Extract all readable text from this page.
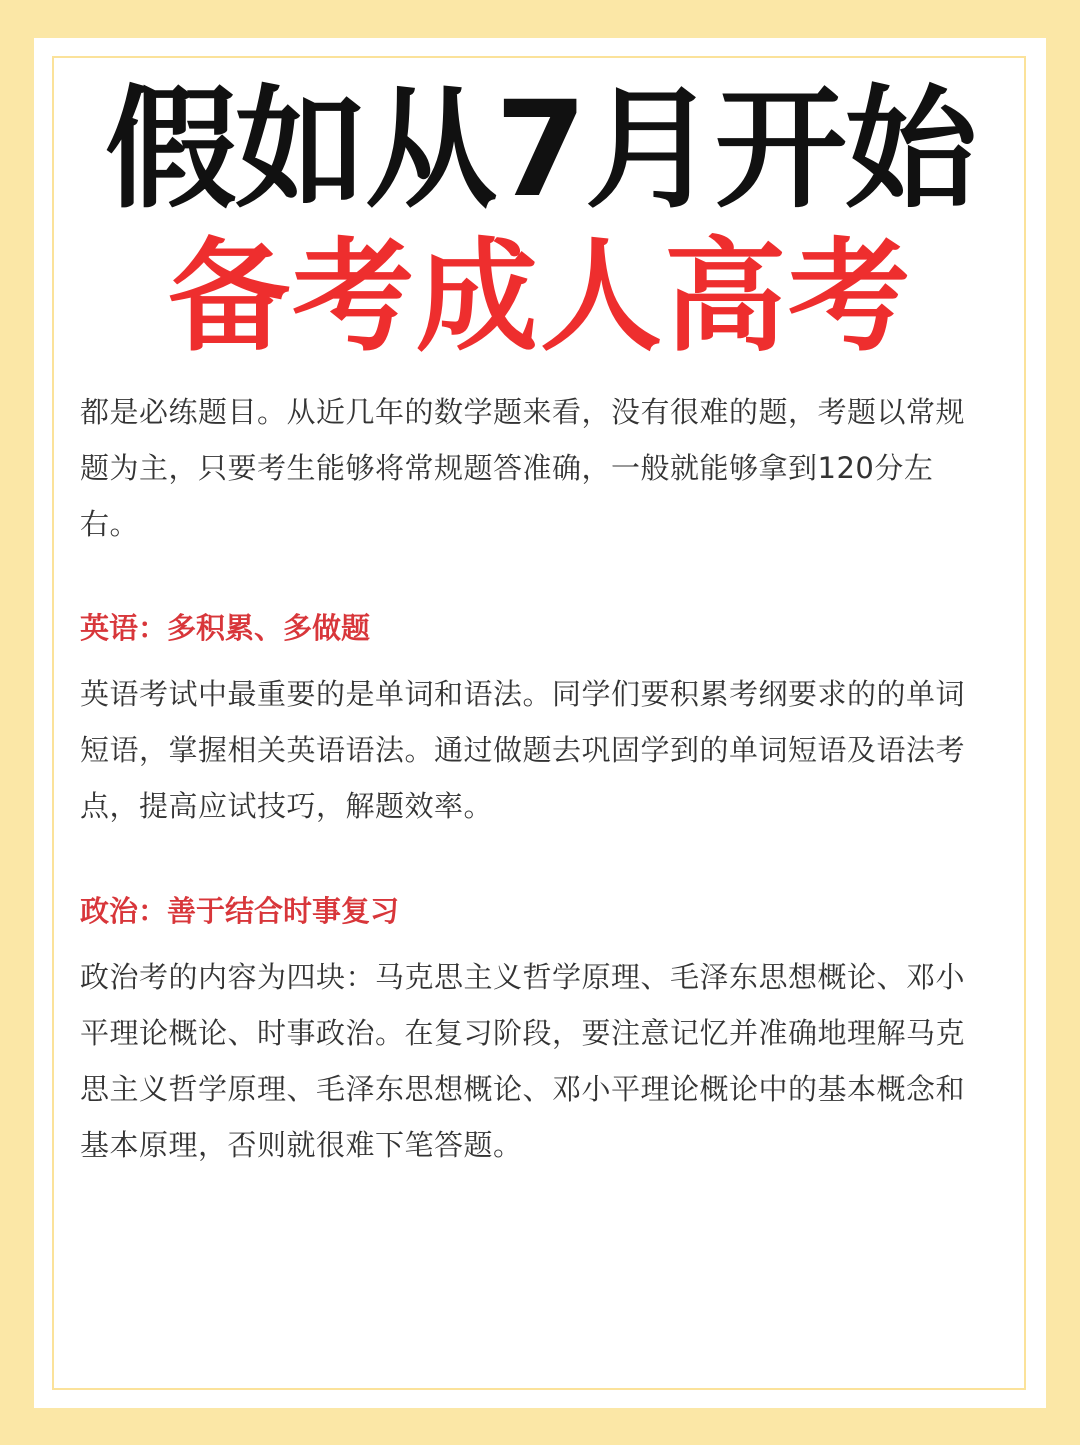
假如从7月开始
备考成人高考

都是必练题目。从近几年的数学题来看，没有很难的题，考题以常规题为主，只要考生能够将常规题答准确，一般就能够拿到120分左右。

英语：多积累、多做题

英语考试中最重要的是单词和语法。同学们要积累考纲要求的的单词短语，掌握相关英语语法。通过做题去巩固学到的单词短语及语法考点，提高应试技巧，解题效率。

政治：善于结合时事复习

政治考的内容为四块：马克思主义哲学原理、毛泽东思想概论、邓小平理论概论、时事政治。在复习阶段，要注意记忆并准确地理解马克思主义哲学原理、毛泽东思想概论、邓小平理论概论中的基本概念和基本原理，否则就很难下笔答题。
